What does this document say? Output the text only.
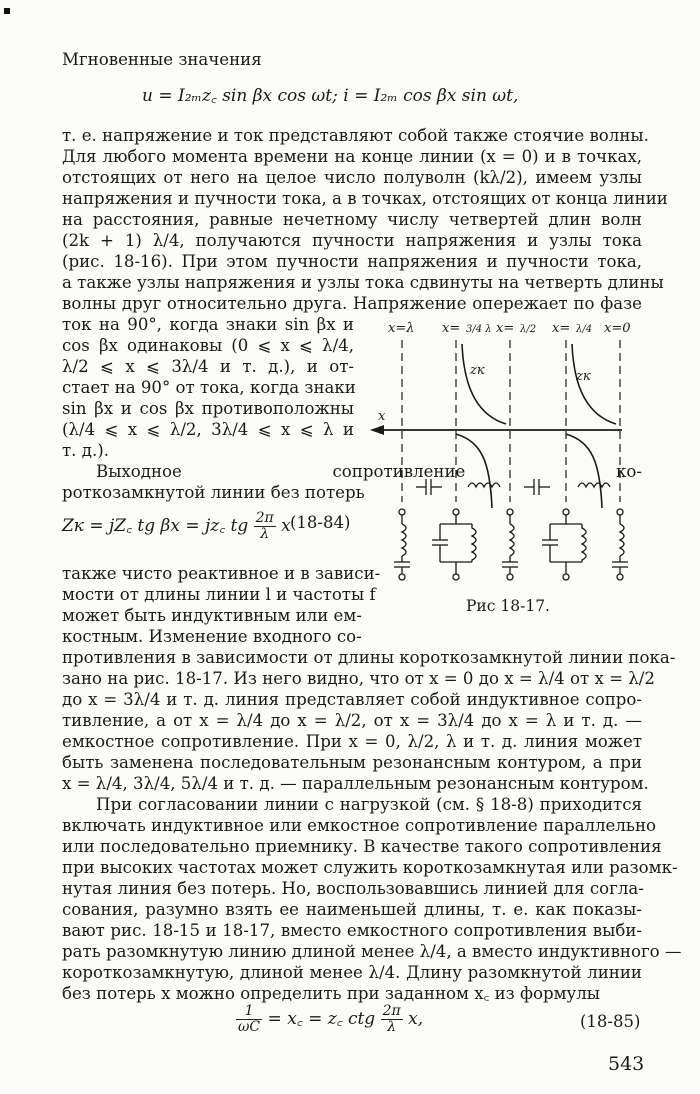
Мгновенные значения
u = I₂ₘz꜀ sin βx cos ωt; i = I₂ₘ cos βx sin ωt,
т. е. напряжение и ток представляют собой также стоячие волны.
Для любого момента времени на конце линии (x = 0) и в точках,
отстоящих от него на целое число полуволн (kλ/2), имеем узлы
напряжения и пучности тока, а в точках, отстоящих от конца линии
на расстояния, равные нечетному числу четвертей длин волн
(2k + 1) λ/4, получаются пучности напряжения и узлы тока
(рис. 18-16). При этом пучности напряжения и пучности тока,
а также узлы напряжения и узлы тока сдвинуты на четверть длины
волны друг относительно друга. Напряжение опережает по фазе
ток на 90°, когда знаки sin βx и
cos βx одинаковы (0 ⩽ x ⩽ λ/4,
λ/2 ⩽ x ⩽ 3λ/4 и т. д.), и от-
стает на 90° от тока, когда знаки
sin βx и cos βx противоположны
(λ/4 ⩽ x ⩽ λ/2, 3λ/4 ⩽ x ⩽ λ и
т. д.).
Выходное сопротивление ко-
роткозамкнутой линии без потерь
Zк = jZ꜀ tg βx = jz꜀ tg $\frac{2\pi}{\lambda}$ x (18-84)
также чисто реактивное и в зависи-
мости от длины линии l и частоты f
может быть индуктивным или ем-
костным. Изменение входного со-
противления в зависимости от длины короткозамкнутой линии пока-
зано на рис. 18-17. Из него видно, что от x = 0 до x = λ/4 от x = λ/2
до x = 3λ/4 и т. д. линия представляет собой индуктивное сопро-
тивление, а от x = λ/4 до x = λ/2, от x = 3λ/4 до x = λ и т. д. —
емкостное сопротивление. При x = 0, λ/2, λ и т. д. линия может
быть заменена последовательным резонансным контуром, а при
x = λ/4, 3λ/4, 5λ/4 и т. д. — параллельным резонансным контуром.
При согласовании линии с нагрузкой (см. § 18-8) приходится
включать индуктивное или емкостное сопротивление параллельно
или последовательно приемнику. В качестве такого сопротивления
при высоких частотах может служить короткозамкнутая или разомк-
нутая линия без потерь. Но, воспользовавшись линией для согла-
сования, разумно взять ее наименьшей длины, т. е. как показы-
вают рис. 18-15 и 18-17, вместо емкостного сопротивления выби-
рать разомкнутую линию длиной менее λ/4, а вместо индуктивного —
короткозамкнутую, длиной менее λ/4. Длину разомкнутой линии
без потерь x можно определить при заданном x꜀ из формулы
$\frac{1}{\omega C}$ = x꜀ = z꜀ ctg $\frac{2\pi}{\lambda} x$,	(18-85)
x=λ x= 3/4 λ x= λ/2 x= λ/4 x=0
zк	zк
x
Рис 18-17.
543
